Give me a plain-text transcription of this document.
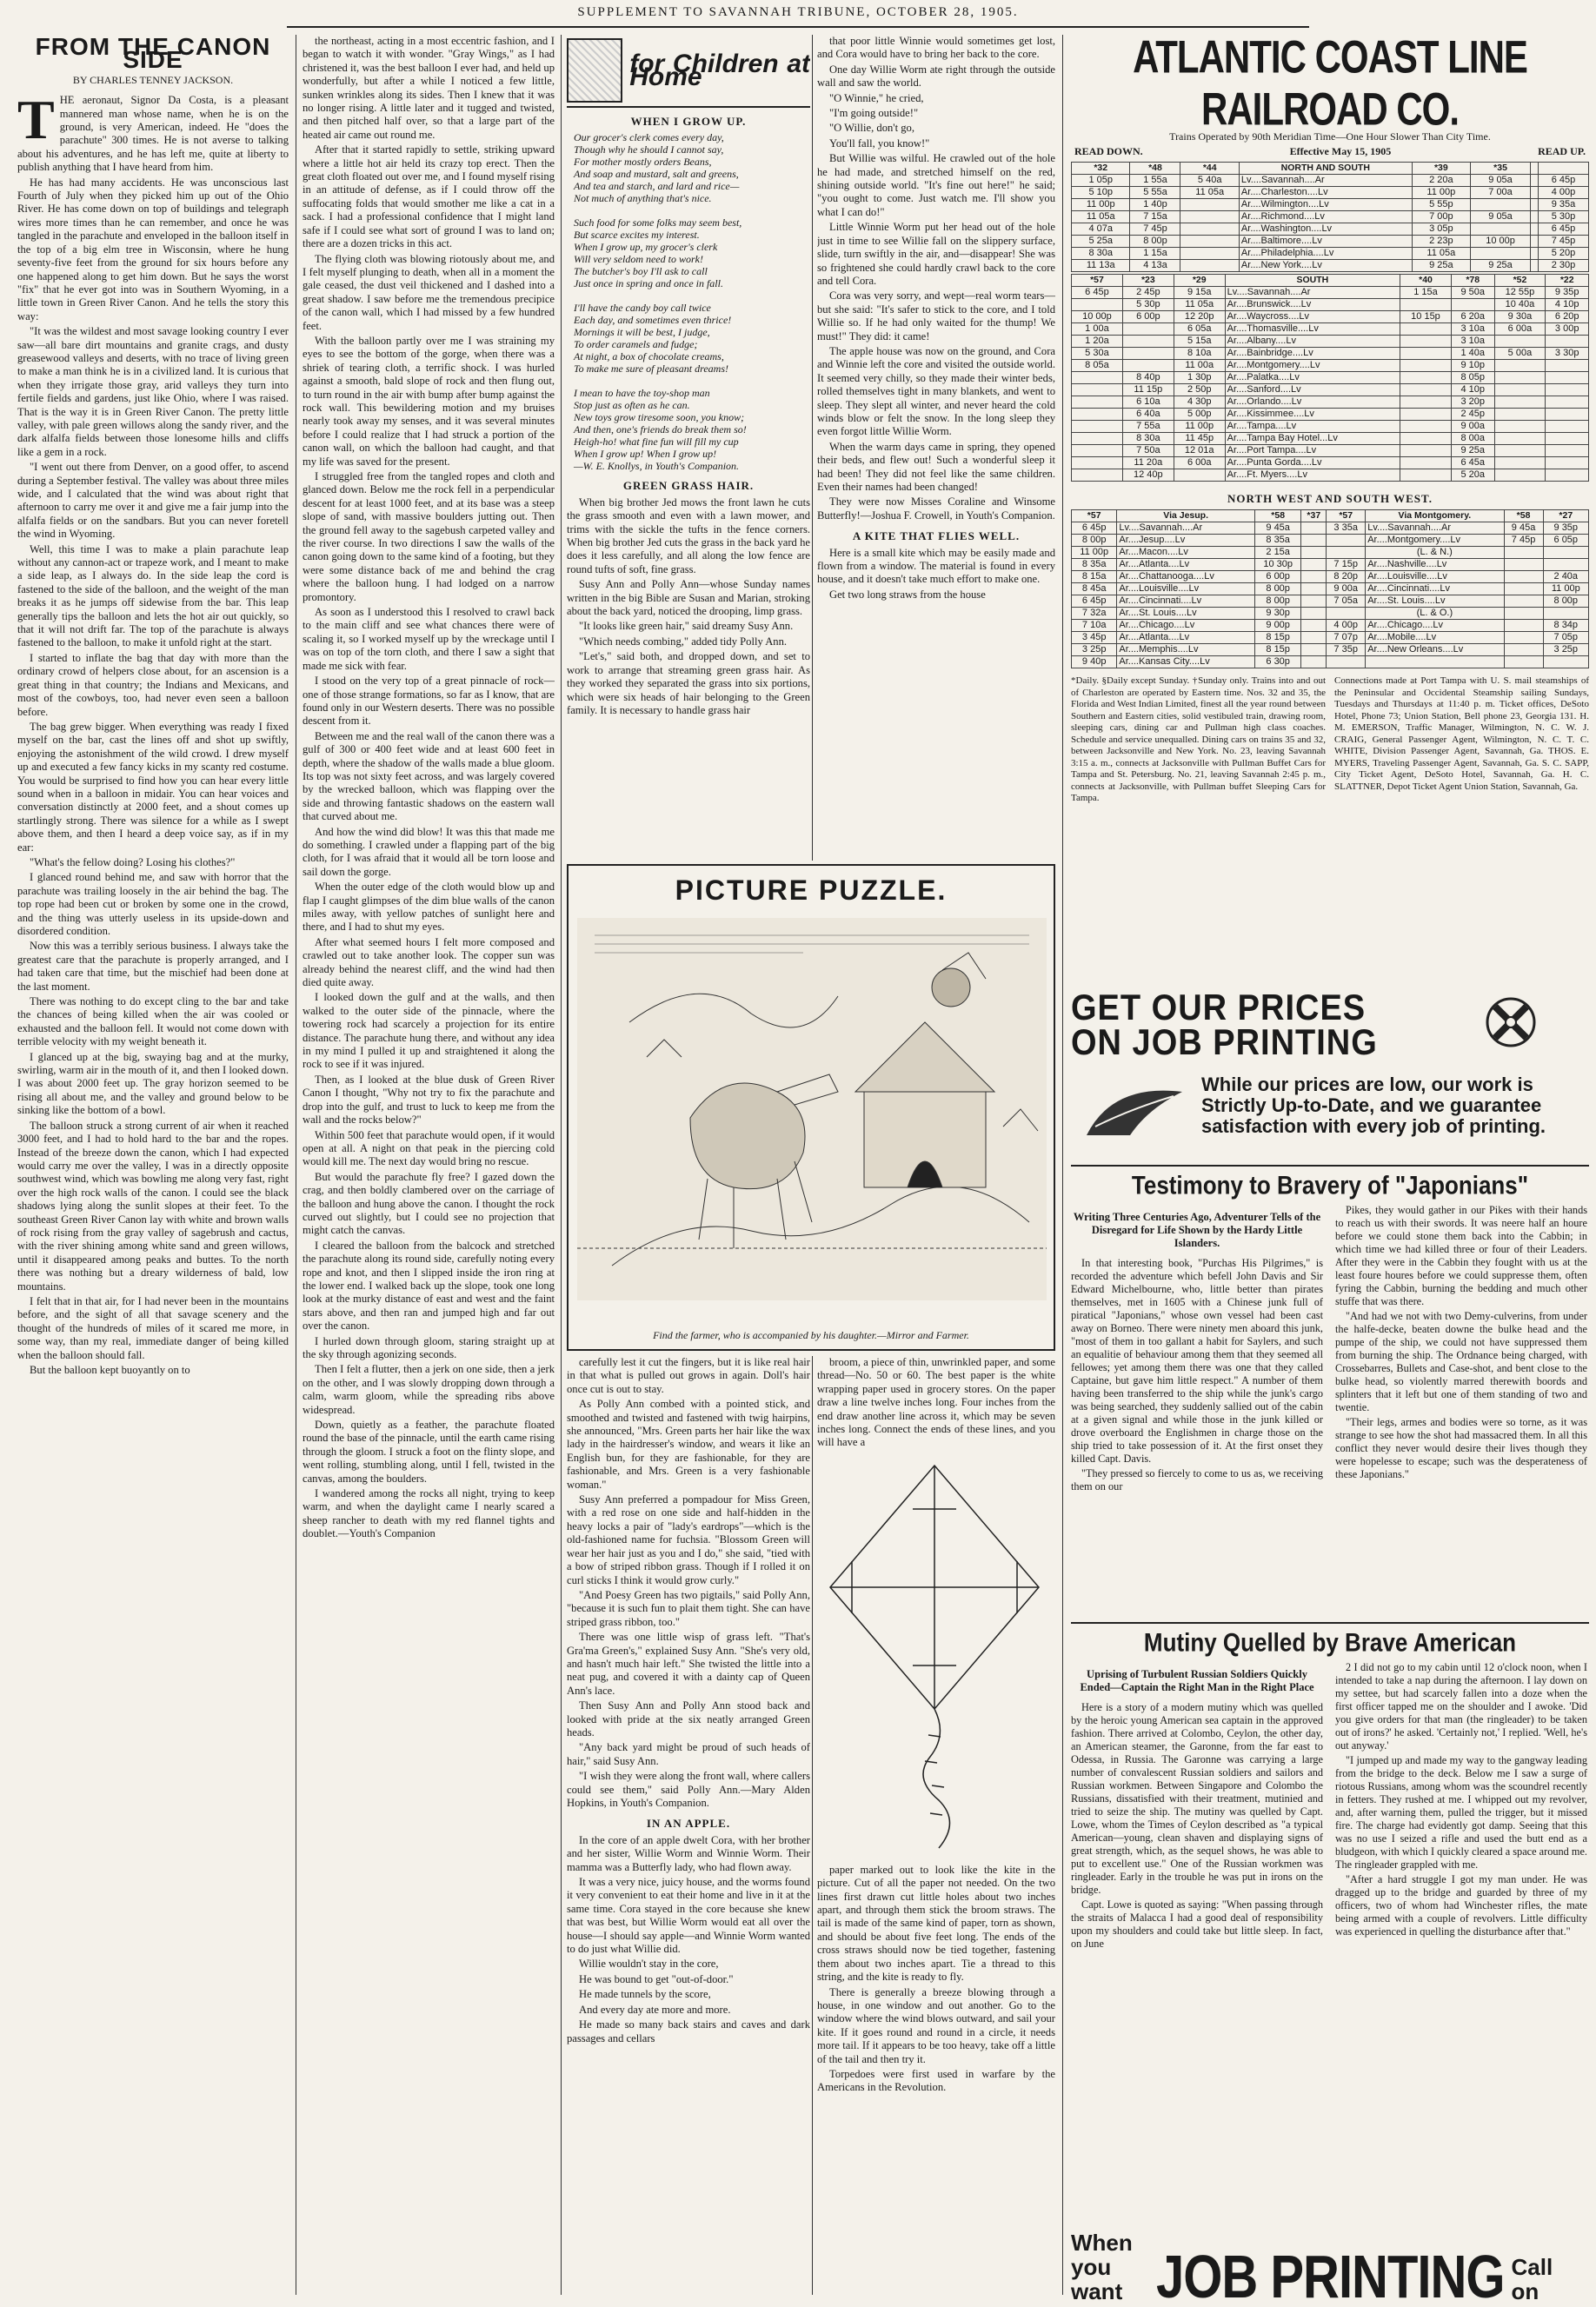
SUPPLEMENT TO SAVANNAH TRIBUNE, OCTOBER 28, 1905.
FROM THE CANON SIDE
BY CHARLES TENNEY JACKSON.

THE aeronaut, Signor Da Costa, is a pleasant mannered man whose name, when he is on the ground, is very American, indeed. He "does the parachute" 300 times. He is not averse to talking about his adventures, and he has left me, quite at liberty to publish anything that I have heard from him.

He has had many accidents. He was unconscious last Fourth of July when they picked him up out of the Ohio River. He has come down on top of buildings and telegraph wires more times than he can remember, and once he was tangled in the parachute and enveloped in the balloon itself in the top of a big elm tree in Wisconsin, where he hung seventy-five feet from the ground for six hours before any one happened along to get him down. But he says the worst "fix" that he ever got into was in Southern Wyoming, in a little town in Green River Canon. And he tells the story this way:

"It was the wildest and most savage looking country I ever saw—all bare dirt mountains and granite crags, and dusty greasewood valleys and deserts, with no trace of living green to make a man think he is in a civilized land. It is curious that when they irrigate those gray, arid valleys they turn into fertile fields and gardens, just like Ohio, where I was raised. That is the way it is in Green River Canon. The pretty little valley, with pale green willows along the sandy river, and the dark alfalfa fields between those lonesome hills and cliffs like a gem in a rock.

"I went out there from Denver, on a good offer, to ascend during a September festival. The valley was about three miles wide, and I calculated that the wind was about right that afternoon to carry me over it and give me a fair jump into the alfalfa fields or on the sandbars. But you can never foretell the wind in Wyoming.

Well, this time I was to make a plain parachute leap without any cannon-act or trapeze work, and I meant to make a side leap, as I always do. In the side leap the cord is fastened to the side of the balloon, and the weight of the man breaks it as he jumps off sidewise from the bar. This leap generally tips the balloon and lets the hot air out quickly, so that it will not drift far. The top of the parachute is always fastened to the balloon, to make it unfold right at the start.

I started to inflate the bag that day with more than the ordinary crowd of helpers close about, for an ascension is a great thing in that country; the Indians and Mexicans, and most of the cowboys, too, had never even seen a balloon before.

The bag grew bigger. When everything was ready I fixed myself on the bar, cast the lines off and shot up swiftly, enjoying the astonishment of the wild crowd. I drew myself up and executed a few fancy kicks in my scanty red costume. You would be surprised to find how you can hear every little sound when in a balloon in midair. You can hear voices and conversation distinctly at 2000 feet, and a shout comes up startlingly strong. There was silence for a while as I swept above them, and then I heard a deep voice say, as if in my ear:

"What's the fellow doing? Losing his clothes?"

I glanced round behind me, and saw with horror that the parachute was trailing loosely in the air behind the bag. The top rope had been cut or broken by some one in the crowd, and the thing was utterly useless in its upside-down and disordered condition.

Now this was a terribly serious business. I always take the greatest care that the parachute is properly arranged, and I had taken care that time, but the mischief had been done at the last moment.

There was nothing to do except cling to the bar and take the chances of being killed when the air was cooled or exhausted and the balloon fell. It would not come down with terrible velocity with my weight beneath it.

I glanced up at the big, swaying bag and at the murky, swirling, warm air in the mouth of it, and then I looked down. I was about 2000 feet up. The gray horizon seemed to be rising all about me, and the valley and ground below to be sinking like the bottom of a bowl.

The balloon struck a strong current of air when it reached 3000 feet, and I had to hold hard to the bar and the ropes. Instead of the breeze down the canon, which I had expected would carry me over the valley, I was in a directly opposite southwest wind, which was bowling me along very fast, right over the high rock walls of the canon. I could see the black shadows lying along the sunlit slopes at their feet. To the southeast Green River Canon lay with white and brown walls of rock rising from the gray valley of sagebrush and cactus, with the river shining among white sand and green willows, until it disappeared among peaks and buttes. To the north there was nothing but a dreary wilderness of bald, low mountains.

I felt that in that air, for I had never been in the mountains before, and the sight of all that savage scenery and the thought of the hundreds of miles of it scared me more, in some way, than my real, immediate danger of being killed when the balloon should fall.

But the balloon kept buoyantly on to

the northeast, acting in a most eccentric fashion, and I began to watch it with wonder. "Gray Wings," as I had christened it, was the best balloon I ever had, and held up wonderfully, but after a while I noticed a few little, sunken wrinkles along its sides. Then I knew that it was no longer rising. A little later and it tugged and twisted, and then pitched half over, so that a large part of the heated air came out round me.

After that it started rapidly to settle, striking upward where a little hot air held its crazy top erect. Then the great cloth floated out over me, and I found myself rising in an attitude of defense, as if I could throw off the suffocating folds that would smother me like a cat in a sack. I had a professional confidence that I might land safe if I could see what sort of ground I was to land on; there are a dozen tricks in this act.

The flying cloth was blowing riotously about me, and I felt myself plunging to death, when all in a moment the gale ceased, the dust veil thickened and I dashed into a great shadow. I saw before me the tremendous precipice of the canon wall, which I had missed by a few hundred feet.

With the balloon partly over me I was straining my eyes to see the bottom of the gorge, when there was a shriek of tearing cloth, a terrific shock. I was hurled against a smooth, bald slope of rock and then flung out, to turn round in the air with bump after bump against the rock wall. This bewildering motion and my bruises nearly took away my senses, and it was several minutes before I could realize that I had struck a portion of the canon wall, on which the balloon had caught, and that my life was saved for the present.

I struggled free from the tangled ropes and cloth and glanced down. Below me the rock fell in a perpendicular descent for at least 1000 feet, and at its base was a steep slope of sand, with massive boulders jutting out. Then the ground fell away to the sagebush carpeted valley and the river course. In two directions I saw the walls of the canon going down to the same kind of a footing, but they were some distance back of me and behind the crag where the balloon hung. I had lodged on a narrow promontory.

As soon as I understood this I resolved to crawl back to the main cliff and see what chances there were of scaling it, so I worked myself up by the wreckage until I was on top of the torn cloth, and there I saw a sight that made me sick with fear.

I stood on the very top of a great pinnacle of rock—one of those strange formations, so far as I know, that are found only in our Western deserts. There was no possible descent from it.

Between me and the real wall of the canon there was a gulf of 300 or 400 feet wide and at least 600 feet in depth, where the shadow of the walls made a blue gloom. Its top was not sixty feet across, and was largely covered by the wrecked balloon, which was flapping over the side and throwing fantastic shadows on the eastern wall that curved about me.

And how the wind did blow! It was this that made me do something. I crawled under a flapping part of the big cloth, for I was afraid that it would all be torn loose and sail down the gorge.

When the outer edge of the cloth would blow up and flap I caught glimpses of the dim blue walls of the canon miles away, with yellow patches of sunlight here and there, and I had to shut my eyes.

After what seemed hours I felt more composed and crawled out to take another look. The copper sun was already behind the nearest cliff, and the wind had then died quite away.

I looked down the gulf and at the walls, and then walked to the outer side of the pinnacle, where the towering rock had scarcely a projection for its entire distance. The parachute hung there, and without any idea in my mind I pulled it up and straightened it along the rock to see if it was injured.

Then, as I looked at the blue dusk of Green River Canon I thought, "Why not try to fix the parachute and drop into the gulf, and trust to luck to keep me from the wall and the rocks below?"

Within 500 feet that parachute would open, if it would open at all. A night on that peak in the piercing cold would kill me. The next day would bring no rescue.

But would the parachute fly free? I gazed down the crag, and then boldly clambered over on the carriage of the balloon and hung above the canon. I thought the rock curved out slightly, but I could see no projection that might catch the canvas.

I cleared the balloon from the balcock and stretched the parachute along its round side, carefully noting every rope and knot, and then I slipped inside the iron ring at the lower end. I walked back up the slope, took one long look at the murky distance of east and west and the faint stars above, and then ran and jumped high and far out over the canon.

I hurled down through gloom, staring straight up at the sky through agonizing seconds.

Then I felt a flutter, then a jerk on one side, then a jerk on the other, and I was slowly dropping down through a calm, warm gloom, while the spreading ribs above widespread.

Down, quietly as a feather, the parachute floated round the base of the pinnacle, until the earth came rising through the gloom. I struck a foot on the flinty slope, and went rolling, stumbling along, until I fell, twisted in the canvas, among the boulders.

I wandered among the rocks all night, trying to keep warm, and when the daylight came I nearly scared a sheep rancher to death with my red flannel tights and doublet.—Youth's Companion

for Children at Home
WHEN I GROW UP.
Our grocer's clerk comes every day,
Though why he should I cannot say,
For mother mostly orders Beans,
And soap and mustard, salt and greens,
And tea and starch, and lard and rice—
Not much of anything that's nice.

Such food for some folks may seem best,
But scarce excites my interest.
When I grow up, my grocer's clerk
Will very seldom need to work!
The butcher's boy I'll ask to call
Just once in spring and once in fall.

I'll have the candy boy call twice
Each day, and sometimes even thrice!
Mornings it will be best, I judge,
To order caramels and fudge;
At night, a box of chocolate creams,
To make me sure of pleasant dreams!

I mean to have the toy-shop man
Stop just as often as he can.
New toys grow tiresome soon, you know;
And then, one's friends do break them so!
Heigh-ho! what fine fun will fill my cup
When I grow up! When I grow up!
—W. E. Knollys, in Youth's Companion.
GREEN GRASS HAIR.

When big brother Jed mows the front lawn he cuts the grass smooth and even with a lawn mower, and trims with the sickle the tufts in the fence corners. When big brother Jed cuts the grass in the back yard he does it less carefully, and all along the low fence are round tufts of soft, fine grass.

Susy Ann and Polly Ann—whose Sunday names written in the big Bible are Susan and Marian, stroking about the back yard, noticed the drooping, limp grass.

"It looks like green hair," said dreamy Susy Ann.

"Which needs combing," added tidy Polly Ann.

"Let's," said both, and dropped down, and set to work to arrange that streaming green grass hair. As they worked they separated the grass into six portions, which were six heads of hair belonging to the Green family. It is necessary to handle grass hair

that poor little Winnie would sometimes get lost, and Cora would have to bring her back to the core.

One day Willie Worm ate right through the outside wall and saw the world.

"O Winnie," he cried,

"I'm going outside!"

"O Willie, don't go,

You'll fall, you know!"

But Willie was wilful. He crawled out of the hole he had made, and stretched himself on the red, shining outside world. "It's fine out here!" he said; "you ought to come. Just watch me. I'll show you what I can do!"

Little Winnie Worm put her head out of the hole just in time to see Willie fall on the slippery surface, slide, turn swiftly in the air, and—disappear! She was so frightened she could hardly crawl back to the core and tell Cora.

Cora was very sorry, and wept—real worm tears—but she said: "It's safer to stick to the core, and I told Willie so. If he had only waited for the thump! We must!" They did: it came!

The apple house was now on the ground, and Cora and Winnie left the core and visited the outside world. It seemed very chilly, so they made their winter beds, rolled themselves tight in many blankets, and went to sleep. They slept all winter, and never heard the cold winds blow or felt the snow. In the long sleep they even forgot little Willie Worm.

When the warm days came in spring, they opened their beds, and flew out! Such a wonderful sleep it had been! They did not feel like the same children. Even their names had been changed!

They were now Misses Coraline and Winsome Butterfly!—Joshua F. Crowell, in Youth's Companion.

A KITE THAT FLIES WELL.

Here is a small kite which may be easily made and flown from a window. The material is found in every house, and it doesn't take much effort to make one.

Get two long straws from the house

PICTURE PUZZLE.
Find the farmer, who is accompanied by his daughter.—Mirror and Farmer.

carefully lest it cut the fingers, but it is like real hair in that what is pulled out grows in again. Doll's hair once cut is out to stay.

As Polly Ann combed with a pointed stick, and smoothed and twisted and fastened with twig hairpins, she announced, "Mrs. Green parts her hair like the wax lady in the hairdresser's window, and wears it like an English bun, for they are fashionable, for they are fashionable, and Mrs. Green is a very fashionable woman."

Susy Ann preferred a pompadour for Miss Green, with a red rose on one side and half-hidden in the heavy locks a pair of "lady's eardrops"—which is the old-fashioned name for fuchsia. "Blossom Green will wear her hair just as you and I do," she said, "tied with a bow of striped ribbon grass. Though if I rolled it on curl sticks I think it would grow curly."

"And Poesy Green has two pigtails," said Polly Ann, "because it is such fun to plait them tight. She can have striped grass ribbon, too."

There was one little wisp of grass left. "That's Gra'ma Green's," explained Susy Ann. "She's very old, and hasn't much hair left." She twisted the little into a neat pug, and covered it with a dainty cap of Queen Ann's lace.

Then Susy Ann and Polly Ann stood back and looked with pride at the six neatly arranged Green heads.

"Any back yard might be proud of such heads of hair," said Susy Ann.

"I wish they were along the front wall, where callers could see them," said Polly Ann.—Mary Alden Hopkins, in Youth's Companion.

IN AN APPLE.

In the core of an apple dwelt Cora, with her brother and her sister, Willie Worm and Winnie Worm. Their mamma was a Butterfly lady, who had flown away.

It was a very nice, juicy house, and the worms found it very convenient to eat their home and live in it at the same time. Cora stayed in the core because she knew that was best, but Willie Worm would eat all over the house—I should say apple—and Winnie Worm wanted to do just what Willie did.

Willie wouldn't stay in the core,

He was bound to get "out-of-door."

He made tunnels by the score,

And every day ate more and more.

He made so many back stairs and caves and dark passages and cellars

broom, a piece of thin, unwrinkled paper, and some thread—No. 50 or 60. The best paper is the white wrapping paper used in grocery stores. On the paper draw a line twelve inches long. Four inches from the end draw another line across it, which may be seven inches long. Connect the ends of these lines, and you will have a

paper marked out to look like the kite in the picture. Cut of all the paper not needed. On the two lines first drawn cut little holes about two inches apart, and through them stick the broom straws. The tail is made of the same kind of paper, torn as shown, and should be about five feet long. The ends of the cross straws should now be tied together, fastening them about two inches apart. Tie a thread to this string, and the kite is ready to fly.

There is generally a breeze blowing through a house, in one window and out another. Go to the window where the wind blows outward, and sail your kite. If it goes round and round in a circle, it needs more tail. If it appears to be too heavy, take off a little of the tail and then try it.

Torpedoes were first used in warfare by the Americans in the Revolution.

ATLANTIC COAST LINE RAILROAD CO.
Trains Operated by 90th Meridian Time—One Hour Slower Than City Time.
READ DOWN.	Effective May 15, 1905	READ UP.
*32	*48	*44	NORTH AND SOUTH	*39	*35		
1 05p	1 55a	5 40a	Lv....Savannah....Ar	2 20a	9 05a		6 45p
5 10p	5 55a	11 05a	Ar....Charleston....Lv	11 00p	7 00a		4 00p
11 00p	1 40p		Ar....Wilmington....Lv	5 55p			9 35a
11 05a	7 15a		Ar....Richmond....Lv	7 00p	9 05a		5 30p
4 07a	7 45p		Ar....Washington....Lv	3 05p			6 45p
5 25a	8 00p		Ar....Baltimore....Lv	2 23p	10 00p		7 45p
8 30a	1 15a		Ar....Philadelphia....Lv	11 05a			5 20p
11 13a	4 13a		Ar....New York....Lv	9 25a	9 25a		2 30p
*57	*23	*29	SOUTH	*40	*78	*52	*22
6 45p	2 45p	9 15a	Lv....Savannah....Ar	1 15a	9 50a	12 55p	9 35p
	5 30p	11 05a	Ar....Brunswick....Lv			10 40a	4 10p
10 00p	6 00p	12 20p	Ar....Waycross....Lv	10 15p	6 20a	9 30a	6 20p
1 00a		6 05a	Ar....Thomasville....Lv		3 10a	6 00a	3 00p
1 20a		5 15a	Ar....Albany....Lv		3 10a		
5 30a		8 10a	Ar....Bainbridge....Lv		1 40a	5 00a	3 30p
8 05a		11 00a	Ar....Montgomery....Lv		9 10p		
	8 40p	1 30p	Ar....Palatka....Lv		8 05p		
	11 15p	2 50p	Ar....Sanford....Lv		4 10p		
	6 10a	4 30p	Ar....Orlando....Lv		3 20p		
	6 40a	5 00p	Ar....Kissimmee....Lv		2 45p		
	7 55a	11 00p	Ar....Tampa....Lv		9 00a		
	8 30a	11 45p	Ar....Tampa Bay Hotel...Lv		8 00a		
	7 50a	12 01a	Ar....Port Tampa....Lv		9 25a		
	11 20a	6 00a	Ar....Punta Gorda....Lv		6 45a		
	12 40p		Ar....Ft. Myers....Lv		5 20a		
NORTH WEST AND SOUTH WEST.
*57	Via Jesup.	*58	*37	*57	Via Montgomery.	*58	*27
6 45p	Lv....Savannah....Ar	9 45a		3 35a	Lv....Savannah....Ar	9 45a	9 35p
8 00p	Ar....Jesup....Lv	8 35a			Ar....Montgomery....Lv	7 45p	6 05p
11 00p	Ar....Macon....Lv	2 15a			(L. & N.)		
8 35a	Ar....Atlanta....Lv	10 30p		7 15p	Ar....Nashville....Lv		
8 15a	Ar....Chattanooga....Lv	6 00p		8 20p	Ar....Louisville....Lv		2 40a
8 45a	Ar....Louisville....Lv	8 00p		9 00a	Ar....Cincinnati....Lv		11 00p
6 45p	Ar....Cincinnati....Lv	8 00p		7 05a	Ar....St. Louis....Lv		8 00p
7 32a	Ar....St. Louis....Lv	9 30p			(L. & O.)		
7 10a	Ar....Chicago....Lv	9 00p		4 00p	Ar....Chicago....Lv		8 34p
3 45p	Ar....Atlanta....Lv	8 15p		7 07p	Ar....Mobile....Lv		7 05p
3 25p	Ar....Memphis....Lv	8 15p		7 35p	Ar....New Orleans....Lv		3 25p
9 40p	Ar....Kansas City....Lv	6 30p					
*Daily. §Daily except Sunday. †Sunday only. Trains into and out of Charleston are operated by Eastern time. Nos. 32 and 35, the Florida and West Indian Limited, finest all the year round between Southern and Eastern cities, solid vestibuled train, drawing room, sleeping cars, dining car and Pullman high class coaches. Schedule and service unequalled. Dining cars on trains 35 and 32, between Jacksonville and New York. No. 23, leaving Savannah 3:15 a. m., connects at Jacksonville with Pullman Buffet Cars for Tampa and St. Petersburg. No. 21, leaving Savannah 2:45 p. m., connects at Jacksonville, with Pullman buffet Sleeping Cars for Tampa.
Connections made at Port Tampa with U. S. mail steamships of the Peninsular and Occidental Steamship sailing Sundays, Tuesdays and Thursdays at 11:40 p. m. Ticket offices, DeSoto Hotel, Phone 73; Union Station, Bell phone 23, Georgia 131. H. M. EMERSON, Traffic Manager, Wilmington, N. C. W. J. CRAIG, General Passenger Agent, Wilmington, N. C. T. C. WHITE, Division Passenger Agent, Savannah, Ga. THOS. E. MYERS, Traveling Passenger Agent, Savannah, Ga. S. C. SAPP, City Ticket Agent, DeSoto Hotel, Savannah, Ga. H. C. SLATTNER, Depot Ticket Agent Union Station, Savannah, Ga.
GET OUR PRICES
ON JOB PRINTING
While our prices are low, our work is Strictly Up-to-Date, and we guarantee satisfaction with every job of printing.
Testimony to Bravery of "Japonians"
Writing Three Centuries Ago, Adventurer Tells of the Disregard for Life Shown by the Hardy Little Islanders.

In that interesting book, "Purchas His Pilgrimes," is recorded the adventure which befell John Davis and Sir Edward Michelbourne, who, little better than pirates themselves, met in 1605 with a Chinese junk full of piratical "Japonians," whose own vessel had been cast away on Borneo. There were ninety men aboard this junk, "most of them in too gallant a habit for Saylers, and such an equalitie of behaviour among them that they seemed all fellowes; yet among them there was one that they called Captaine, but gave him little respect." A number of them having been transferred to the ship while the junk's cargo was being searched, they suddenly sallied out of the cabin at a given signal and while those in the junk killed or drove overboard the Englishmen in charge those on the ship tried to take possession of it. At the first onset they killed Capt. Davis.

"They pressed so fiercely to come to us as, we receiving them on our

Pikes, they would gather in our Pikes with their hands to reach us with their swords. It was neere half an houre before we could stone them back into the Cabbin; in which time we had killed three or four of their Leaders. After they were in the Cabbin they fought with us at the least foure houres before we could suppresse them, often fyring the Cabbin, burning the bedding and much other stuffe that was there.

"And had we not with two Demy-culverins, from under the halfe-decke, beaten downe the bulke head and the pumpe of the ship, we could not have suppressed them from burning the ship. The Ordnance being charged, with Crossebarres, Bullets and Case-shot, and bent close to the bulke head, so violently marred therewith boords and splinters that it left but one of them standing of two and twentie.

"Their legs, armes and bodies were so torne, as it was strange to see how the shot had massacred them. In all this conflict they never would desire their lives though they were hopelesse to escape; such was the desperateness of these Japonians."

Mutiny Quelled by Brave American
Uprising of Turbulent Russian Soldiers Quickly Ended—Captain the Right Man in the Right Place

Here is a story of a modern mutiny which was quelled by the heroic young American sea captain in the approved fashion. There arrived at Colombo, Ceylon, the other day, an American steamer, the Garonne, from the far east to Odessa, in Russia. The Garonne was carrying a large number of convalescent Russian soldiers and sailors and Russian workmen. Between Singapore and Colombo the Russians, dissatisfied with their treatment, mutinied and tried to seize the ship. The mutiny was quelled by Capt. Lowe, whom the Times of Ceylon described as "a typical American—young, clean shaven and displaying signs of great strength, which, as the sequel shows, he was able to put to excellent use." One of the Russian workmen was ringleader. Early in the trouble he was put in irons on the bridge.

Capt. Lowe is quoted as saying: "When passing through the straits of Malacca I had a good deal of responsibility upon my shoulders and could take but little sleep. In fact, on June

2 I did not go to my cabin until 12 o'clock noon, when I intended to take a nap during the afternoon. I lay down on my settee, but had scarcely fallen into a doze when the first officer tapped me on the shoulder and I awoke. 'Did you give orders for that man (the ringleader) to be taken out of irons?' he asked. 'Certainly not,' I replied. 'Well, he's out anyway.'

"I jumped up and made my way to the gangway leading from the bridge to the deck. Below me I saw a surge of riotous Russians, among whom was the scoundrel recently in fetters. They rushed at me. I whipped out my revolver, and, after warning them, pulled the trigger, but it missed fire. The charge had evidently got damp. Seeing that this was no use I seized a rifle and used the butt end as a bludgeon, with which I quickly cleared a space around me. The ringleader grappled with me.

"After a hard struggle I got my man under. He was dragged up to the bridge and guarded by three of my officers, two of whom had Winchester rifles, the mate being armed with a couple of revolvers. Little difficulty was experienced in quelling the disturbance after that."

When you want JOB PRINTING Call on
